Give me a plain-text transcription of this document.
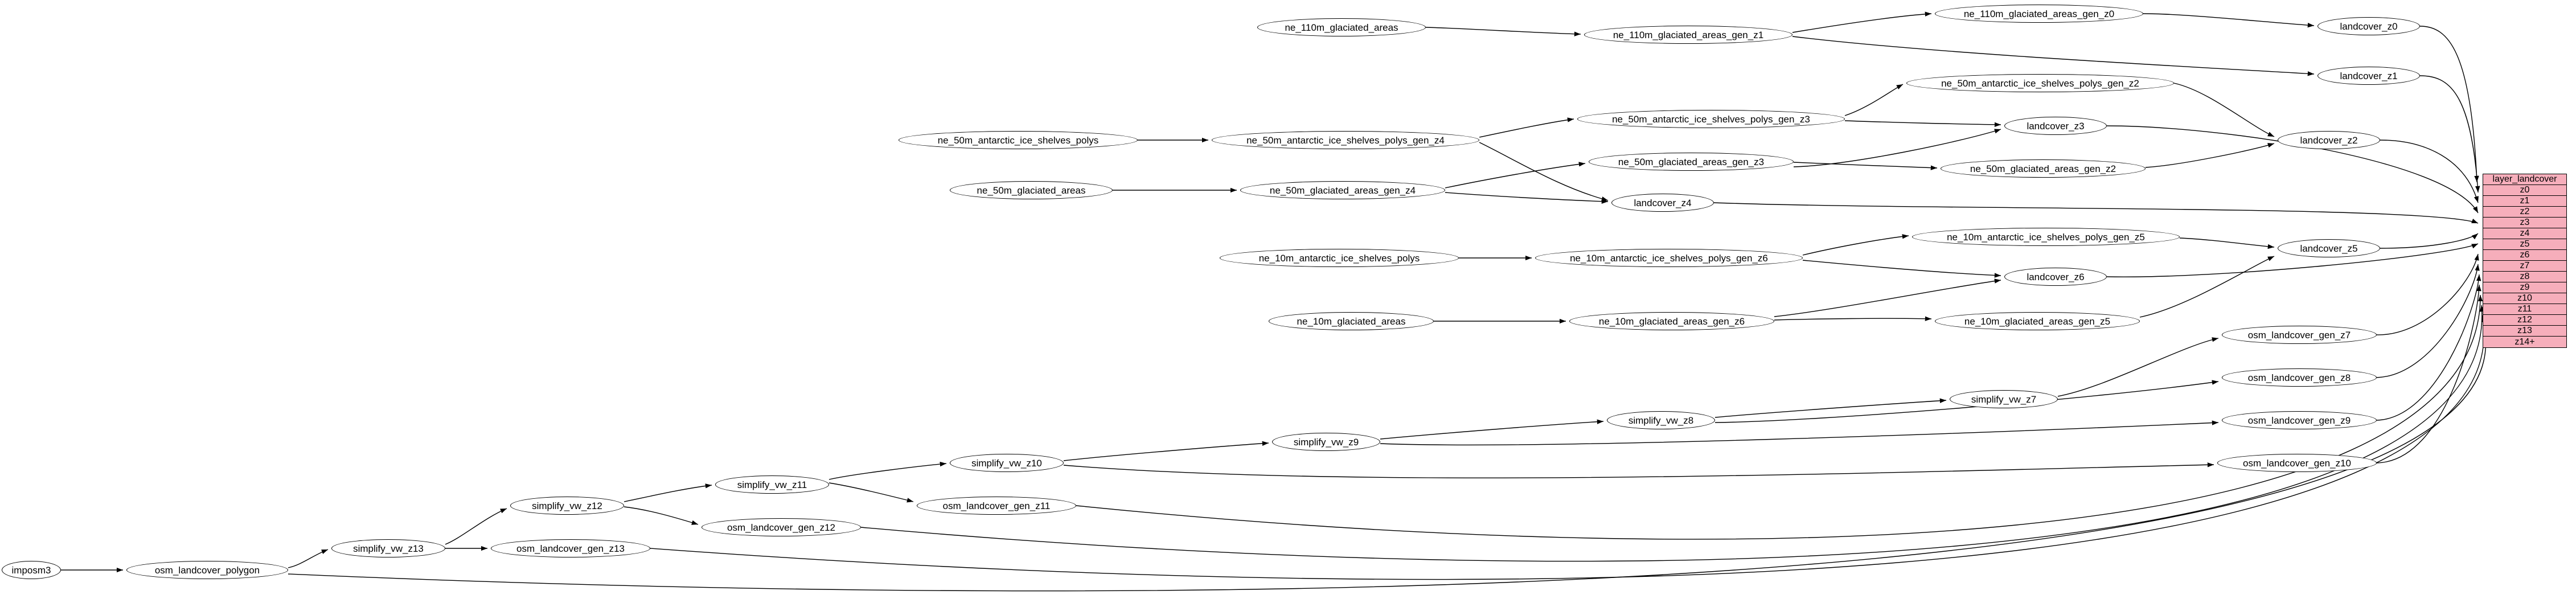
imposm3	osm_landcover_polygon
simplify_vw_z13	osm_landcover_gen_z13
simplify_vw_z12
osm_landcover_gen_z12
simplify_vw_z11
osm_landcover_gen_z11
simplify_vw_z10
simplify_vw_z9
simplify_vw_z8
simplify_vw_z7
osm_landcover_gen_z10
osm_landcover_gen_z9
osm_landcover_gen_z8
osm_landcover_gen_z7
ne_110m_glaciated_areas
ne_110m_glaciated_areas_gen_z1
ne_110m_glaciated_areas_gen_z0
landcover_z0
landcover_z1
ne_50m_antarctic_ice_shelves_polys_gen_z2
ne_50m_antarctic_ice_shelves_polys_gen_z3
landcover_z3
landcover_z2
ne_50m_antarctic_ice_shelves_polys	ne_50m_antarctic_ice_shelves_polys_gen_z4
ne_50m_glaciated_areas_gen_z3
ne_50m_glaciated_areas_gen_z2
ne_50m_glaciated_areas	ne_50m_glaciated_areas_gen_z4
landcover_z4
ne_10m_antarctic_ice_shelves_polys_gen_z5
landcover_z5
ne_10m_antarctic_ice_shelves_polys	ne_10m_antarctic_ice_shelves_polys_gen_z6
landcover_z6
ne_10m_glaciated_areas	ne_10m_glaciated_areas_gen_z6	ne_10m_glaciated_areas_gen_z5
layer_landcover
z0
z1
z2
z3
z4
z5
z6
z7
z8
z9
z10
z11
z12
z13
z14+
